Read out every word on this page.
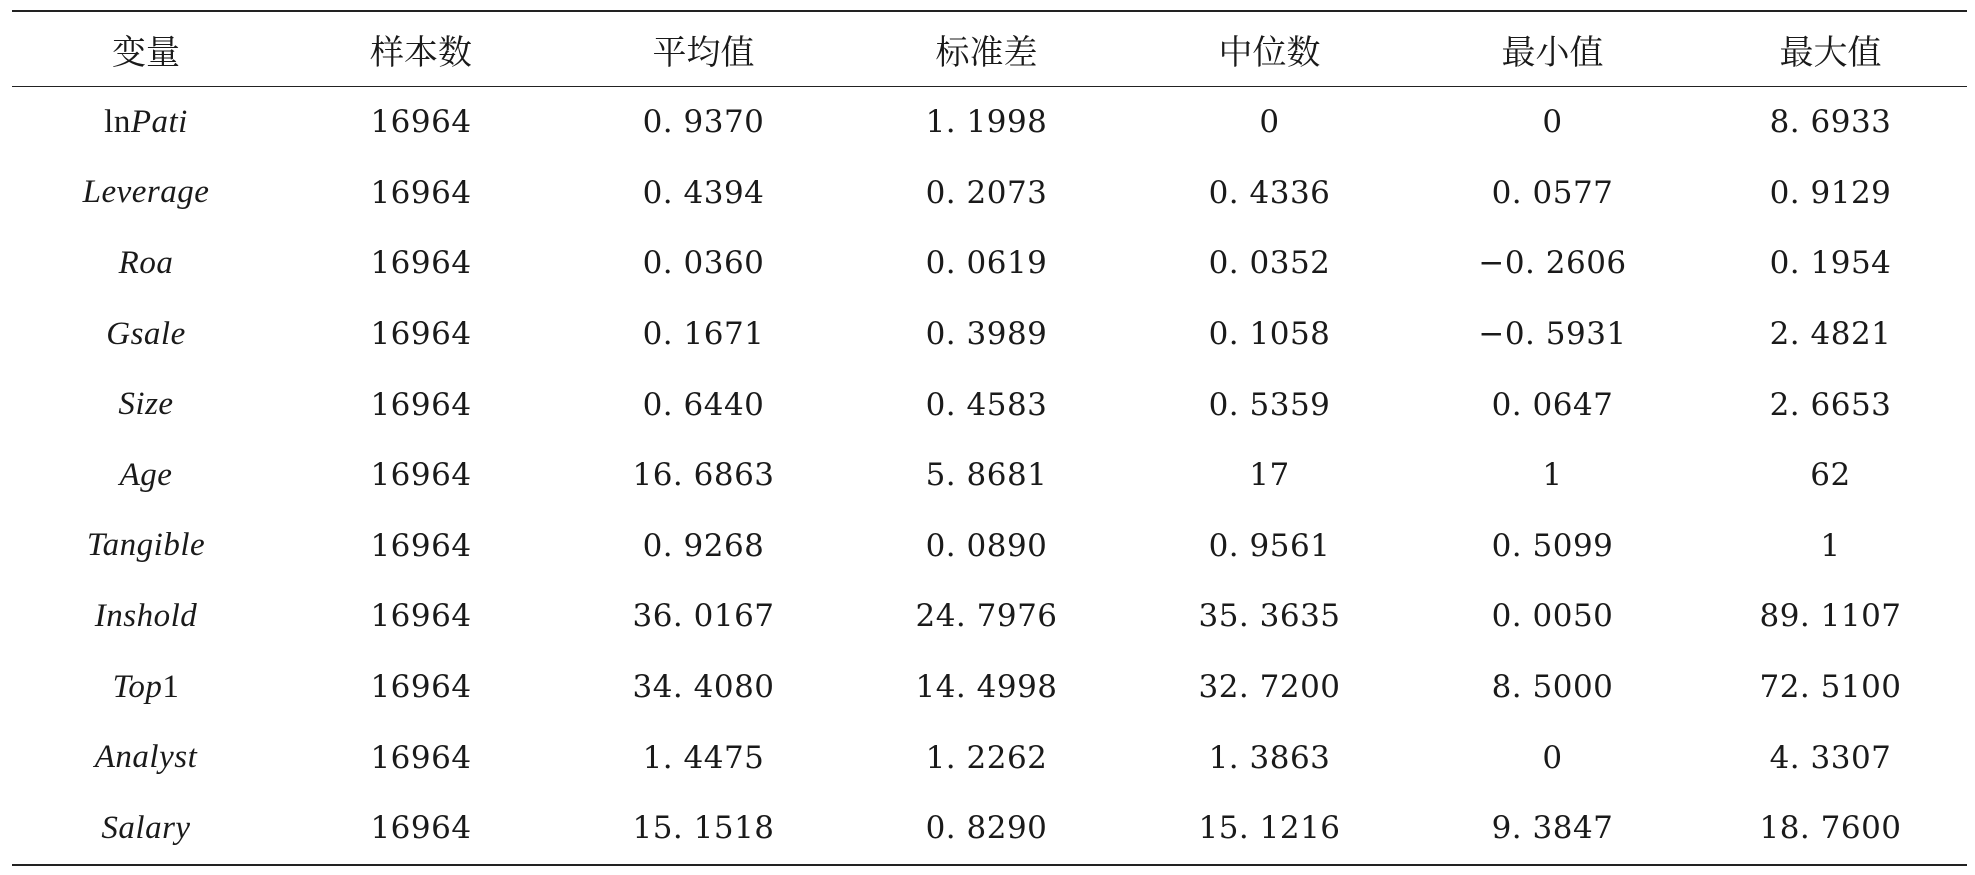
变量	样本数	平均值	标准差	中位数	最小值	最大值
lnPati	16964	0. 9370	1. 1998	0	0	8. 6933
Leverage	16964	0. 4394	0. 2073	0. 4336	0. 0577	0. 9129
Roa	16964	0. 0360	0. 0619	0. 0352	−0. 2606	0. 1954
Gsale	16964	0. 1671	0. 3989	0. 1058	−0. 5931	2. 4821
Size	16964	0. 6440	0. 4583	0. 5359	0. 0647	2. 6653
Age	16964	16. 6863	5. 8681	17	1	62
Tangible	16964	0. 9268	0. 0890	0. 9561	0. 5099	1
Inshold	16964	36. 0167	24. 7976	35. 3635	0. 0050	89. 1107
Top1	16964	34. 4080	14. 4998	32. 7200	8. 5000	72. 5100
Analyst	16964	1. 4475	1. 2262	1. 3863	0	4. 3307
Salary	16964	15. 1518	0. 8290	15. 1216	9. 3847	18. 7600
